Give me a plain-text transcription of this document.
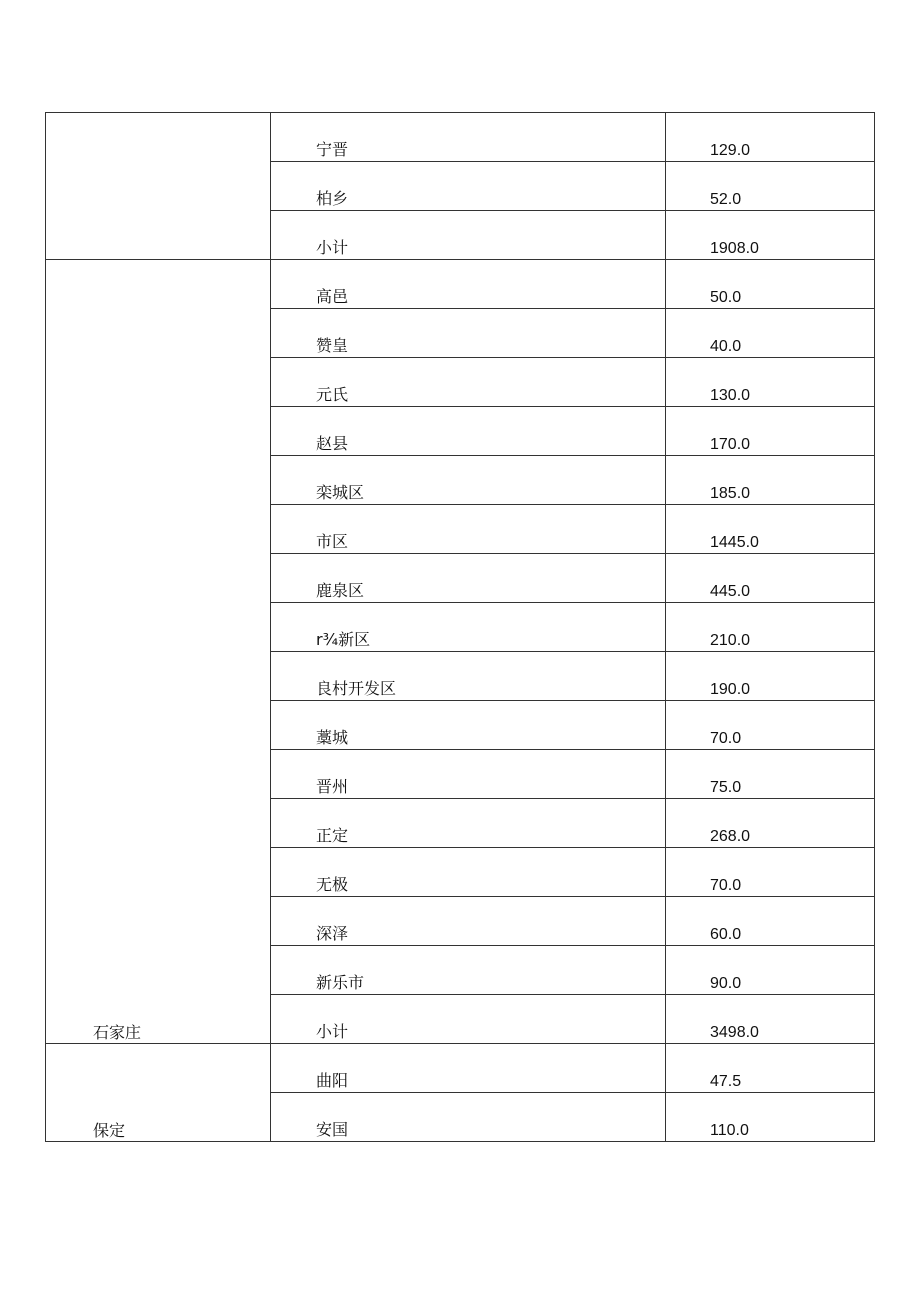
	宁晋	129.0

	柏乡	52.0

	小计	1908.0

石家庄	高邑	50.0

	赞皇	40.0

	元氏	130.0

	赵县	170.0

	栾城区	185.0

	市区	1445.0

	鹿泉区	445.0

	r¾新区	210.0

	良村开发区	190.0

	藁城	70.0

	晋州	75.0

	正定	268.0

	无极	70.0

	深泽	60.0

	新乐市	90.0

	小计	3498.0

保定	曲阳	47.5

	安国	110.0
